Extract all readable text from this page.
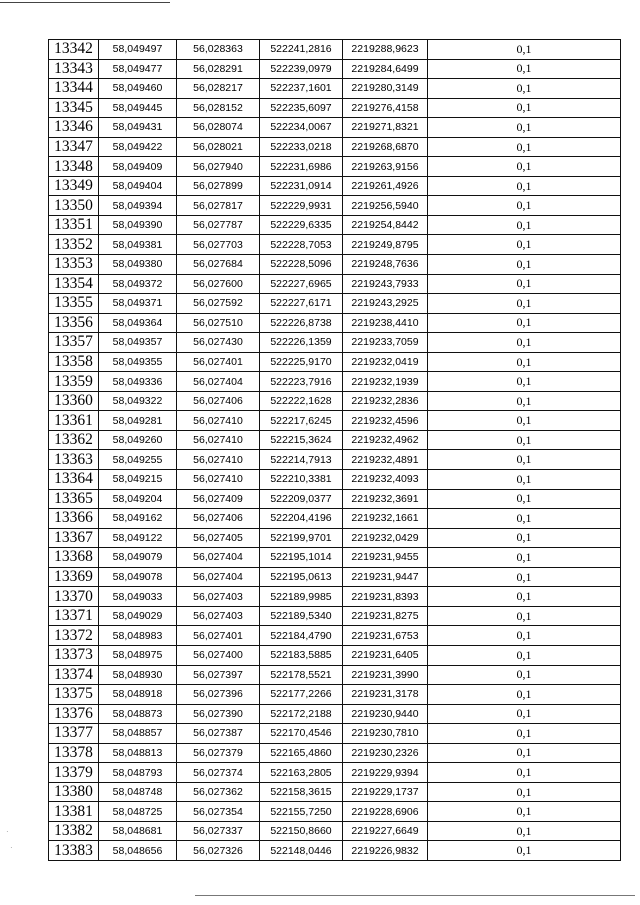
13342	58,049497	56,028363	522241,2816	2219288,9623	0,1
13343	58,049477	56,028291	522239,0979	2219284,6499	0,1
13344	58,049460	56,028217	522237,1601	2219280,3149	0,1
13345	58,049445	56,028152	522235,6097	2219276,4158	0,1
13346	58,049431	56,028074	522234,0067	2219271,8321	0,1
13347	58,049422	56,028021	522233,0218	2219268,6870	0,1
13348	58,049409	56,027940	522231,6986	2219263,9156	0,1
13349	58,049404	56,027899	522231,0914	2219261,4926	0,1
13350	58,049394	56,027817	522229,9931	2219256,5940	0,1
13351	58,049390	56,027787	522229,6335	2219254,8442	0,1
13352	58,049381	56,027703	522228,7053	2219249,8795	0,1
13353	58,049380	56,027684	522228,5096	2219248,7636	0,1
13354	58,049372	56,027600	522227,6965	2219243,7933	0,1
13355	58,049371	56,027592	522227,6171	2219243,2925	0,1
13356	58,049364	56,027510	522226,8738	2219238,4410	0,1
13357	58,049357	56,027430	522226,1359	2219233,7059	0,1
13358	58,049355	56,027401	522225,9170	2219232,0419	0,1
13359	58,049336	56,027404	522223,7916	2219232,1939	0,1
13360	58,049322	56,027406	522222,1628	2219232,2836	0,1
13361	58,049281	56,027410	522217,6245	2219232,4596	0,1
13362	58,049260	56,027410	522215,3624	2219232,4962	0,1
13363	58,049255	56,027410	522214,7913	2219232,4891	0,1
13364	58,049215	56,027410	522210,3381	2219232,4093	0,1
13365	58,049204	56,027409	522209,0377	2219232,3691	0,1
13366	58,049162	56,027406	522204,4196	2219232,1661	0,1
13367	58,049122	56,027405	522199,9701	2219232,0429	0,1
13368	58,049079	56,027404	522195,1014	2219231,9455	0,1
13369	58,049078	56,027404	522195,0613	2219231,9447	0,1
13370	58,049033	56,027403	522189,9985	2219231,8393	0,1
13371	58,049029	56,027403	522189,5340	2219231,8275	0,1
13372	58,048983	56,027401	522184,4790	2219231,6753	0,1
13373	58,048975	56,027400	522183,5885	2219231,6405	0,1
13374	58,048930	56,027397	522178,5521	2219231,3990	0,1
13375	58,048918	56,027396	522177,2266	2219231,3178	0,1
13376	58,048873	56,027390	522172,2188	2219230,9440	0,1
13377	58,048857	56,027387	522170,4546	2219230,7810	0,1
13378	58,048813	56,027379	522165,4860	2219230,2326	0,1
13379	58,048793	56,027374	522163,2805	2219229,9394	0,1
13380	58,048748	56,027362	522158,3615	2219229,1737	0,1
13381	58,048725	56,027354	522155,7250	2219228,6906	0,1
13382	58,048681	56,027337	522150,8660	2219227,6649	0,1
13383	58,048656	56,027326	522148,0446	2219226,9832	0,1
·
·
